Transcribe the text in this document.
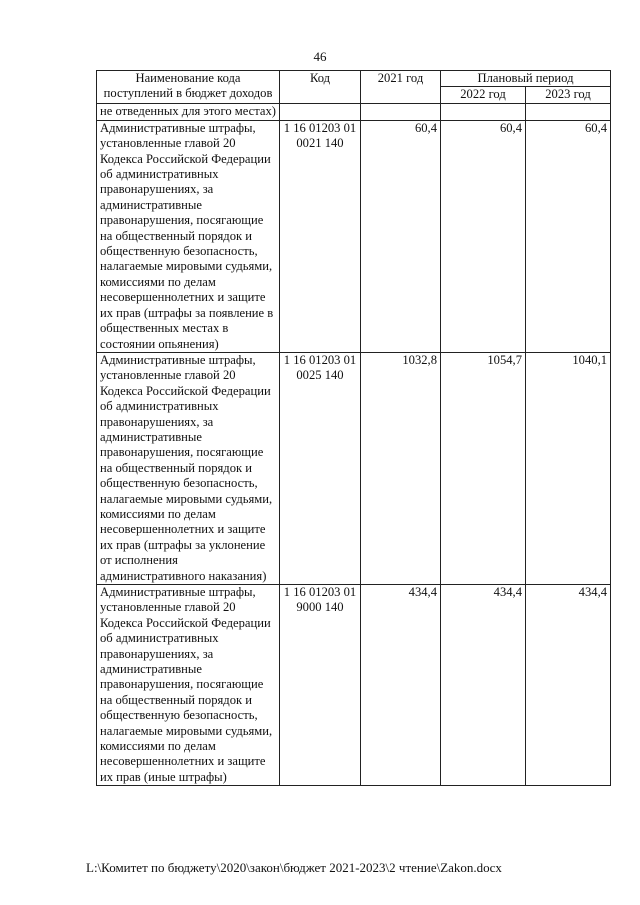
46
Наименование кода поступлений в бюджет доходов	Код	2021 год	Плановый период	
			2022 год	2023 год
не отведенных для этого местах)				
Административные штрафы, установленные главой 20 Кодекса Российской Федерации об административных правонарушениях, за административные правонарушения, посягающие на общественный порядок и общественную безопасность, налагаемые мировыми судьями, комиссиями по делам несовершеннолетних и защите их прав (штрафы за появление в общественных местах в состоянии опьянения)	1 16 01203 01 0021 140	60,4	60,4	60,4
Административные штрафы, установленные главой 20 Кодекса Российской Федерации об административных правонарушениях, за административные правонарушения, посягающие на общественный порядок и общественную безопасность, налагаемые мировыми судьями, комиссиями по делам несовершеннолетних и защите их прав (штрафы за уклонение от исполнения административного наказания)	1 16 01203 01 0025 140	1032,8	1054,7	1040,1
Административные штрафы, установленные главой 20 Кодекса Российской Федерации об административных правонарушениях, за административные правонарушения, посягающие на общественный порядок и общественную безопасность, налагаемые мировыми судьями, комиссиями по делам несовершеннолетних и защите их прав (иные штрафы)	1 16 01203 01 9000 140	434,4	434,4	434,4
L:\Комитет по бюджету\2020\закон\бюджет 2021-2023\2 чтение\Zakon.docx
